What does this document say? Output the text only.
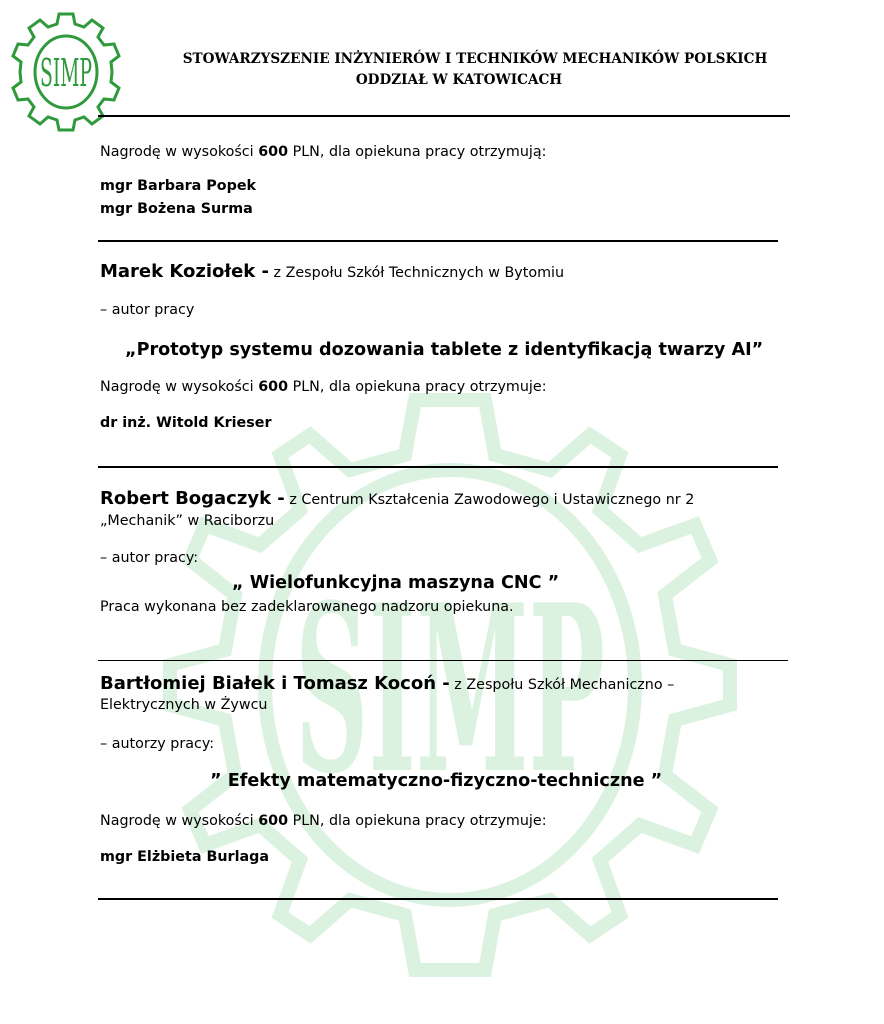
SIMP
SIMP	STOWARZYSZENIE INŻYNIERÓW I TECHNIKÓW MECHANIKÓW POLSKICH
ODDZIAŁ W KATOWICACH
Nagrodę w wysokości 600 PLN, dla opiekuna pracy otrzymują:
mgr Barbara Popek
mgr Bożena Surma
Marek Koziołek - z Zespołu Szkół Technicznych w Bytomiu
– autor pracy
„Prototyp systemu dozowania tablete z identyfikacją twarzy AI”
Nagrodę w wysokości 600 PLN, dla opiekuna pracy otrzymuje:
dr inż. Witold Krieser
Robert Bogaczyk - z Centrum Kształcenia Zawodowego i Ustawicznego nr 2
„Mechanik” w Raciborzu
– autor pracy:
„ Wielofunkcyjna maszyna CNC ”
Praca wykonana bez zadeklarowanego nadzoru opiekuna.
Bartłomiej Białek i Tomasz Kocoń - z Zespołu Szkół Mechaniczno –
Elektrycznych w Żywcu
– autorzy pracy:
” Efekty matematyczno-fizyczno-techniczne ”
Nagrodę w wysokości 600 PLN, dla opiekuna pracy otrzymuje:
mgr Elżbieta Burlaga
